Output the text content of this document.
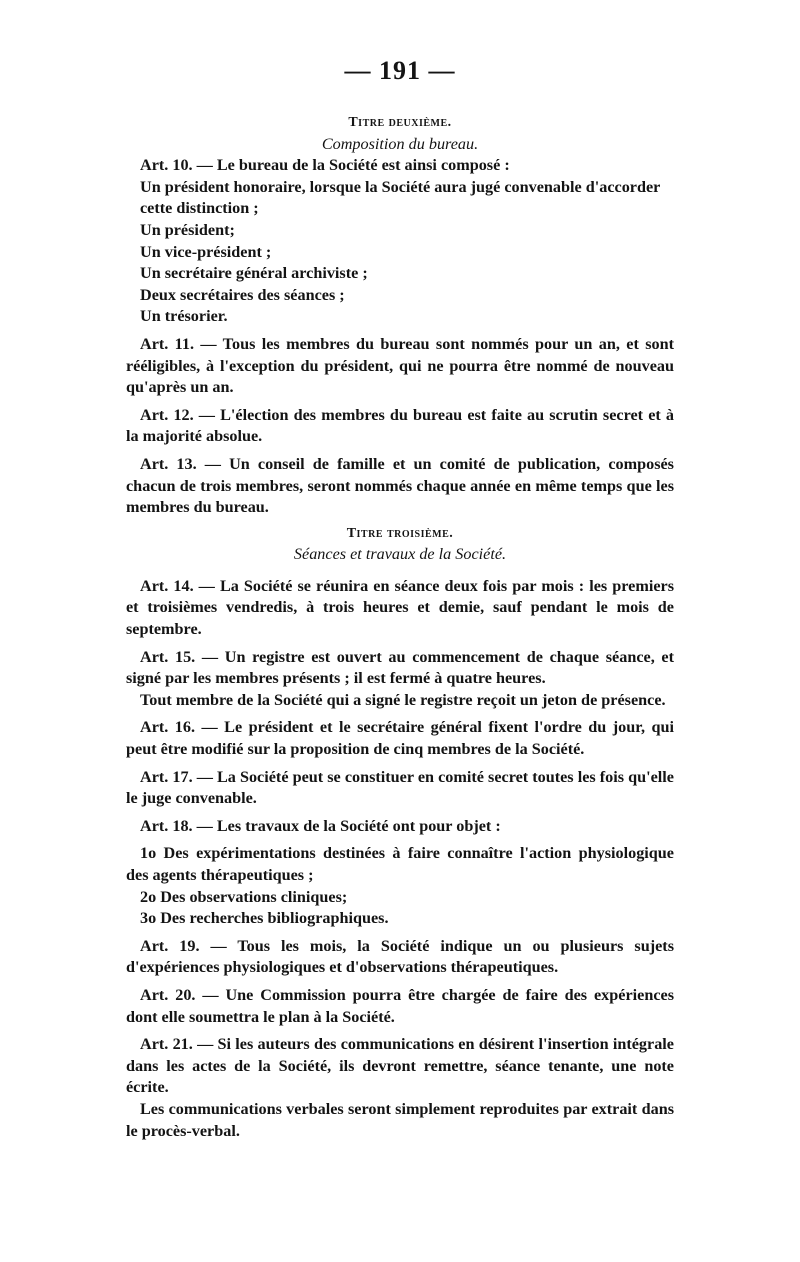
— 191 —

Titre deuxième.

Composition du bureau.

Art. 10. — Le bureau de la Société est ainsi composé :

Un président honoraire, lorsque la Société aura jugé convenable d'accorder cette distinction ;

Un président;

Un vice-président ;

Un secrétaire général archiviste ;

Deux secrétaires des séances ;

Un trésorier.

Art. 11. — Tous les membres du bureau sont nommés pour un an, et sont rééligibles, à l'exception du président, qui ne pourra être nommé de nouveau qu'après un an.

Art. 12. — L'élection des membres du bureau est faite au scrutin secret et à la majorité absolue.

Art. 13. — Un conseil de famille et un comité de publication, composés chacun de trois membres, seront nommés chaque année en même temps que les membres du bureau.

Titre troisième.

Séances et travaux de la Société.

Art. 14. — La Société se réunira en séance deux fois par mois : les premiers et troisièmes vendredis, à trois heures et demie, sauf pendant le mois de septembre.

Art. 15. — Un registre est ouvert au commencement de chaque séance, et signé par les membres présents ; il est fermé à quatre heures.

Tout membre de la Société qui a signé le registre reçoit un jeton de présence.

Art. 16. — Le président et le secrétaire général fixent l'ordre du jour, qui peut être modifié sur la proposition de cinq membres de la Société.

Art. 17. — La Société peut se constituer en comité secret toutes les fois qu'elle le juge convenable.

Art. 18. — Les travaux de la Société ont pour objet :

1o Des expérimentations destinées à faire connaître l'action physiologique des agents thérapeutiques ;

2o Des observations cliniques;

3o Des recherches bibliographiques.

Art. 19. — Tous les mois, la Société indique un ou plusieurs sujets d'expériences physiologiques et d'observations thérapeutiques.

Art. 20. — Une Commission pourra être chargée de faire des expériences dont elle soumettra le plan à la Société.

Art. 21. — Si les auteurs des communications en désirent l'insertion intégrale dans les actes de la Société, ils devront remettre, séance tenante, une note écrite.

Les communications verbales seront simplement reproduites par extrait dans le procès-verbal.
